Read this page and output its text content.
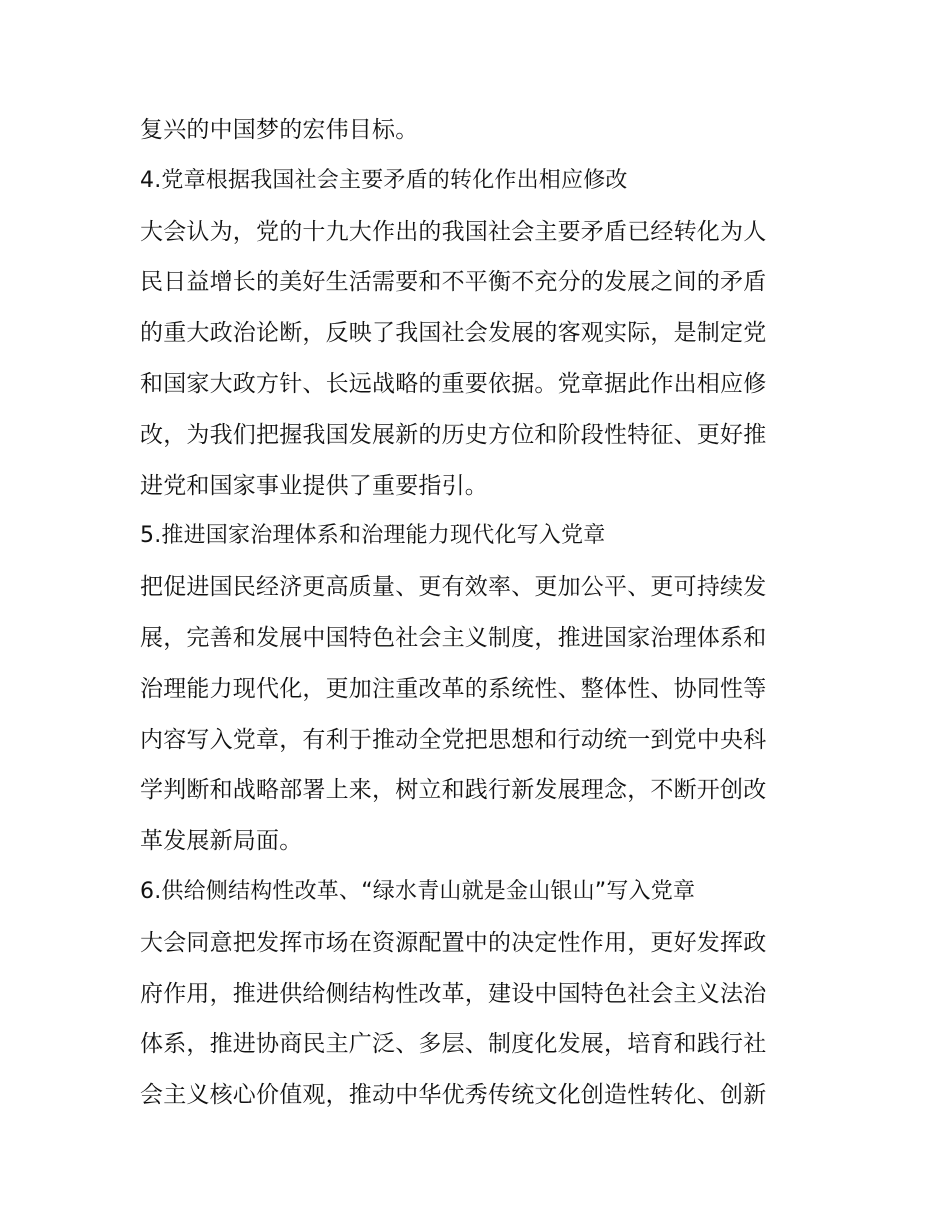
复兴的中国梦的宏伟目标。
4.党章根据我国社会主要矛盾的转化作出相应修改
大会认为，党的十九大作出的我国社会主要矛盾已经转化为人
民日益增长的美好生活需要和不平衡不充分的发展之间的矛盾
的重大政治论断，反映了我国社会发展的客观实际，是制定党
和国家大政方针、长远战略的重要依据。党章据此作出相应修
改，为我们把握我国发展新的历史方位和阶段性特征、更好推
进党和国家事业提供了重要指引。
5.推进国家治理体系和治理能力现代化写入党章
把促进国民经济更高质量、更有效率、更加公平、更可持续发
展，完善和发展中国特色社会主义制度，推进国家治理体系和
治理能力现代化，更加注重改革的系统性、整体性、协同性等
内容写入党章，有利于推动全党把思想和行动统一到党中央科
学判断和战略部署上来，树立和践行新发展理念，不断开创改
革发展新局面。
6.供给侧结构性改革、“绿水青山就是金山银山”写入党章
大会同意把发挥市场在资源配置中的决定性作用，更好发挥政
府作用，推进供给侧结构性改革，建设中国特色社会主义法治
体系，推进协商民主广泛、多层、制度化发展，培育和践行社
会主义核心价值观，推动中华优秀传统文化创造性转化、创新
